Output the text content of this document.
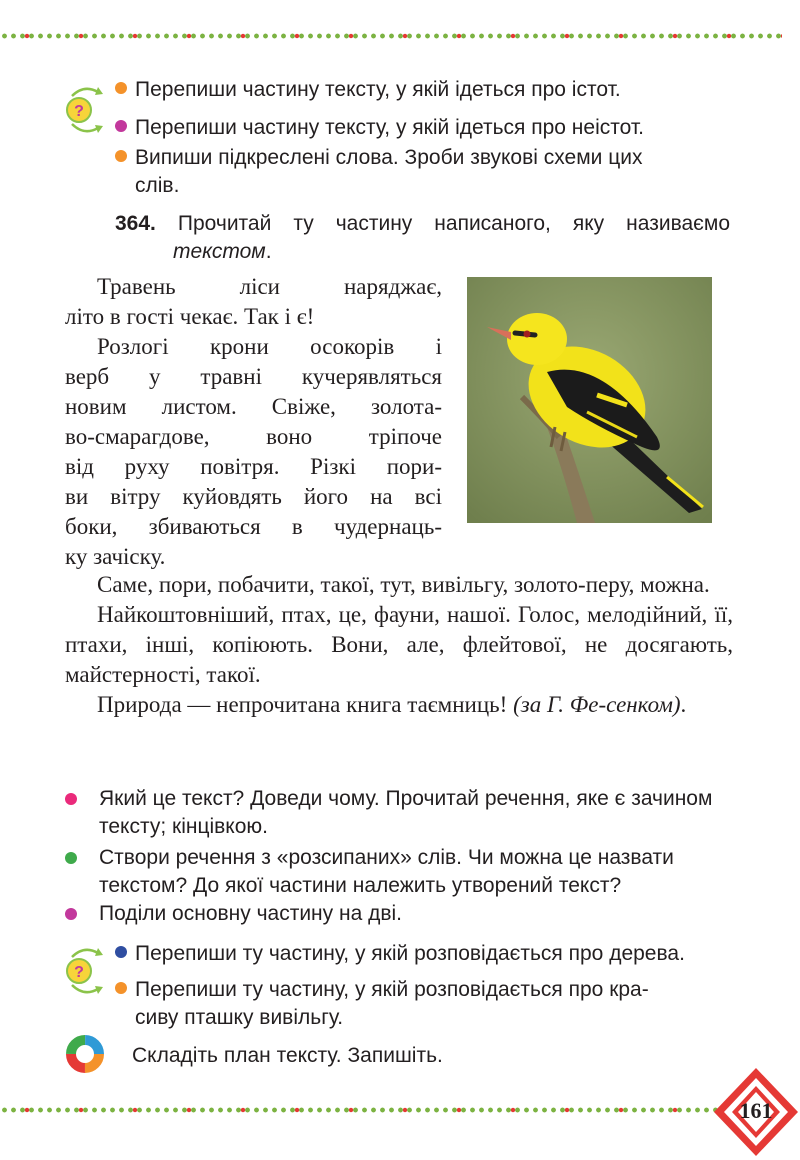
?
Перепиши частину тексту, у якій ідеться про істот.
Перепиши частину тексту, у якій ідеться про неістот.
Випиши підкреслені слова. Зроби звукові схеми цих
слів.
364. Прочитай ту частину написаного, яку називаємо
текстом.
Травень ліси наряджає,
літо в гості чекає. Так і є!
Розлогі крони осокорів і
верб у травні кучерявляться
новим листом. Свіже, золота-
во-смарагдове, воно тріпоче
від руху повітря. Різкі пори-
ви вітру куйовдять його на всі
боки, збиваються в чудернаць-
ку зачіску.

Саме, пори, побачити, такої, тут, вивільгу, золото-перу, можна.

Найкоштовніший, птах, це, фауни, нашої. Голос, мелодійний, її, птахи, інші, копіюють. Вони, але, флейтової, не досягають, майстерності, такої.

Природа — непрочитана книга таємниць! (за Г. Фе-сенком).

Який це текст? Доведи чому. Прочитай речення, яке є зачином тексту; кінцівкою.
Створи речення з «розсипаних» слів. Чи можна це назвати текстом? До якої частини належить утворений текст?
Поділи основну частину на дві.
?
Перепиши ту частину, у якій розповідається про дерева.
Перепиши ту частину, у якій розповідається про кра-
сиву пташку вивільгу.
Складіть план тексту. Запишіть.
161
